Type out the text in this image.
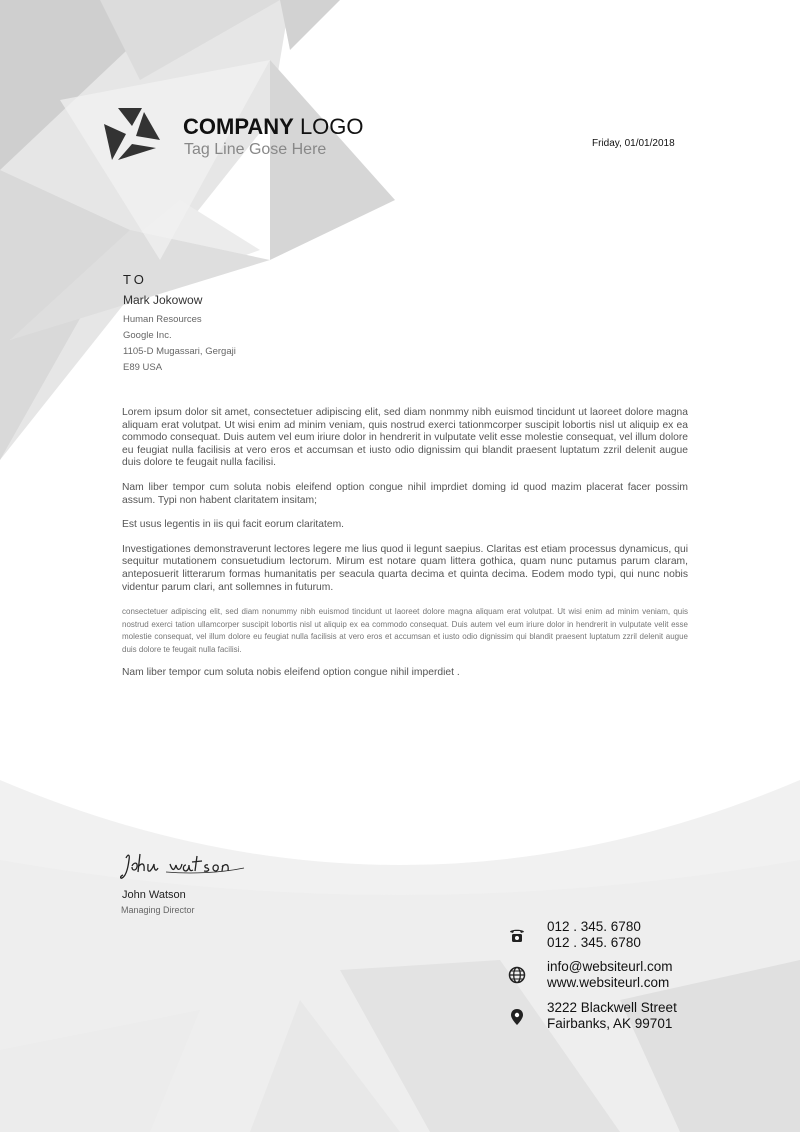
COMPANY LOGO
Tag Line Gose Here	Friday, 01/01/2018
TO
Mark Jokowow
Human Resources
Google Inc.
1105-D Mugassari, Gergaji
E89 USA

Lorem ipsum dolor sit amet, consectetuer adipiscing elit, sed diam nonmmy nibh euismod tincidunt ut laoreet dolore magna aliquam erat volutpat. Ut wisi enim ad minim veniam, quis nostrud exerci tationmcorper suscipit lobortis nisl ut aliquip ex ea commodo consequat. Duis autem vel eum iriure dolor in hendrerit in vulputate velit esse molestie consequat, vel illum dolore eu feugiat nulla facilisis at vero eros et accumsan et iusto odio dignissim qui blandit praesent luptatum zzril delenit augue duis dolore te feugait nulla facilisi.

Nam liber tempor cum soluta nobis eleifend option congue nihil imprdiet doming id quod mazim placerat facer possim assum. Typi non habent claritatem insitam;

Est usus legentis in iis qui facit eorum claritatem.

Investigationes demonstraverunt lectores legere me lius quod ii legunt saepius. Claritas est etiam processus dynamicus, qui sequitur mutationem consuetudium lectorum. Mirum est notare quam littera gothica, quam nunc putamus parum claram, anteposuerit litterarum formas humanitatis per seacula quarta decima et quinta decima. Eodem modo typi, qui nunc nobis videntur parum clari, ant sollemnes in futurum.

consectetuer adipiscing elit, sed diam nonummy nibh euismod tincidunt ut laoreet dolore magna aliquam erat volutpat. Ut wisi enim ad minim veniam, quis nostrud exerci tation ullamcorper suscipit lobortis nisl ut aliquip ex ea commodo consequat. Duis autem vel eum iriure dolor in hendrerit in vulputate velit esse molestie consequat, vel illum dolore eu feugiat nulla facilisis at vero eros et accumsan et iusto odio dignissim qui blandit praesent luptatum zzril delenit augue duis dolore te feugait nulla facilisi.

Nam liber tempor cum soluta nobis eleifend option congue nihil imperdiet .

John Watson
Managing Director
012 . 345. 6780
012 . 345. 6780
info@websiteurl.com
www.websiteurl.com
3222 Blackwell Street
Fairbanks, AK 99701
